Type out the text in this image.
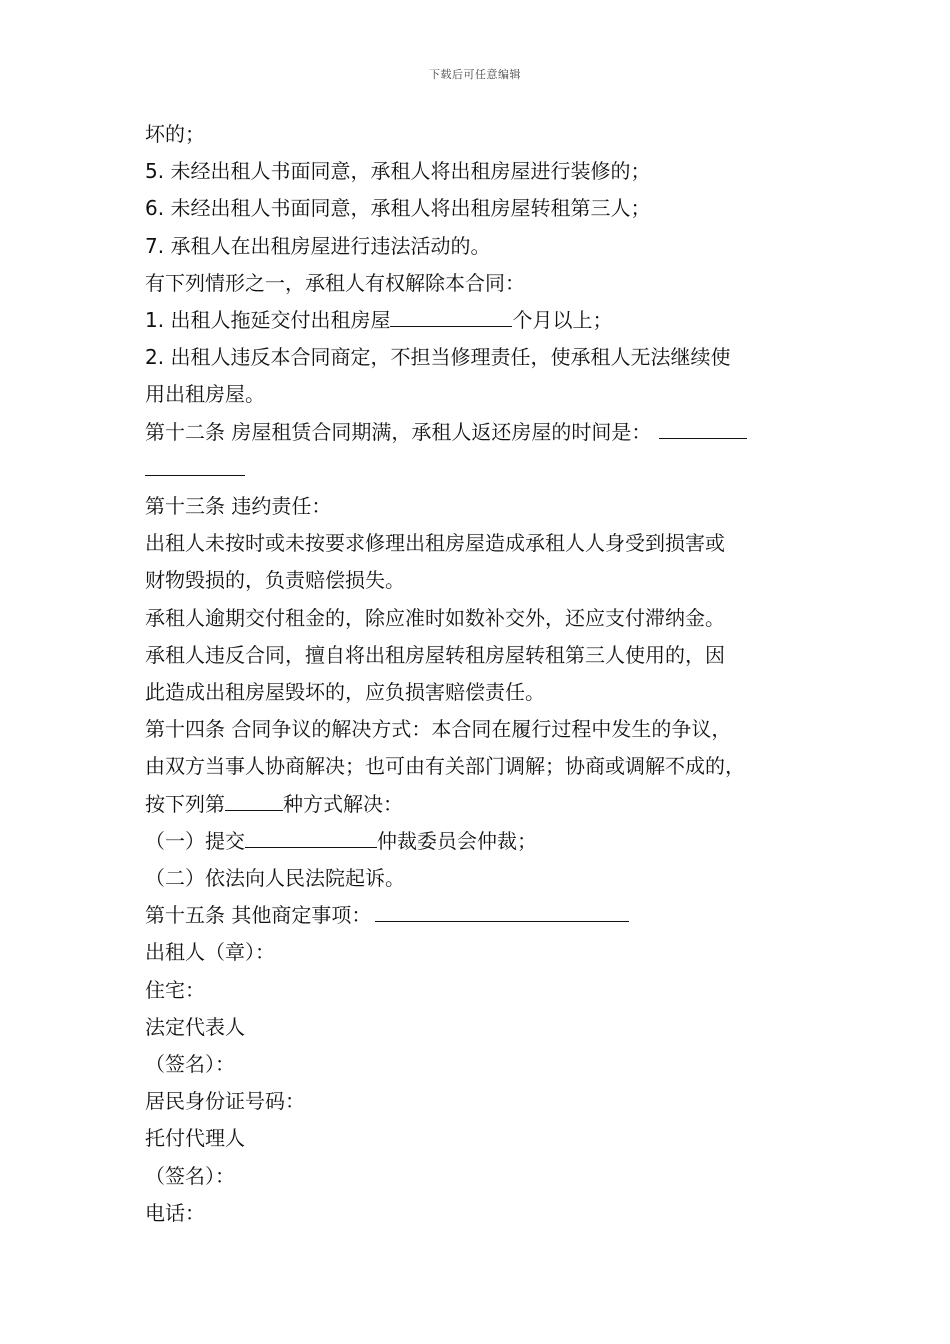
下载后可任意编辑
坏的；
5. 未经出租人书面同意，承租人将出租房屋进行装修的；
6. 未经出租人书面同意，承租人将出租房屋转租第三人；
7. 承租人在出租房屋进行违法活动的。
有下列情形之一，承租人有权解除本合同：
1. 出租人拖延交付出租房屋	个月以上；
2. 出租人违反本合同商定，不担当修理责任，使承租人无法继续使
用出租房屋。
第十二条 房屋租赁合同期满，承租人返还房屋的时间是：
第十三条 违约责任：
出租人未按时或未按要求修理出租房屋造成承租人人身受到损害或
财物毁损的，负责赔偿损失。
承租人逾期交付租金的，除应准时如数补交外，还应支付滞纳金。
承租人违反合同，擅自将出租房屋转租房屋转租第三人使用的，因
此造成出租房屋毁坏的，应负损害赔偿责任。
第十四条 合同争议的解决方式：本合同在履行过程中发生的争议，
由双方当事人协商解决；也可由有关部门调解；协商或调解不成的，
按下列第	种方式解决：
（一）提交	仲裁委员会仲裁；
（二）依法向人民法院起诉。
第十五条 其他商定事项：
出租人（章）：
住宅：
法定代表人
（签名）：
居民身份证号码：
托付代理人
（签名）：
电话：
